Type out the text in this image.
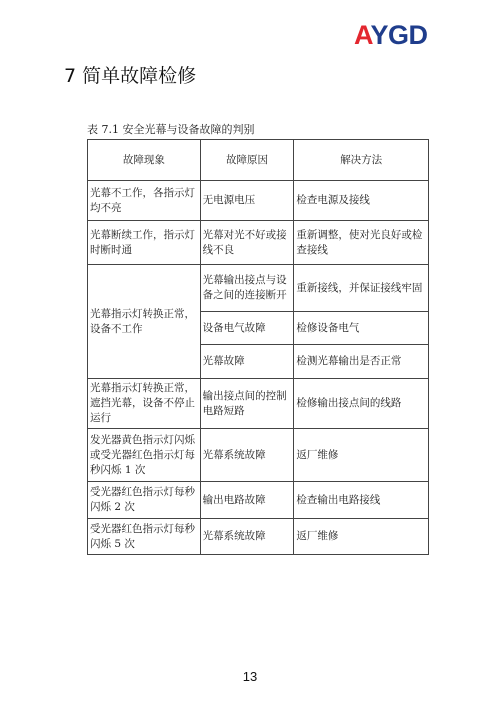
AYGD
7 简单故障检修
表 7.1 安全光幕与设备故障的判别
故障现象	故障原因	解决方法
光幕不工作，各指示灯均不亮	无电源电压	检查电源及接线
光幕断续工作，指示灯时断时通	光幕对光不好或接线不良	重新调整，使对光良好或检查接线
光幕指示灯转换正常，设备不工作	光幕输出接点与设备之间的连接断开	重新接线，并保证接线牢固
	设备电气故障	检修设备电气
	光幕故障	检测光幕输出是否正常
光幕指示灯转换正常，遮挡光幕，设备不停止运行	输出接点间的控制电路短路	检修输出接点间的线路
发光器黄色指示灯闪烁或受光器红色指示灯每秒闪烁 1 次	光幕系统故障	返厂维修
受光器红色指示灯每秒闪烁 2 次	输出电路故障	检查输出电路接线
受光器红色指示灯每秒闪烁 5 次	光幕系统故障	返厂维修
13
